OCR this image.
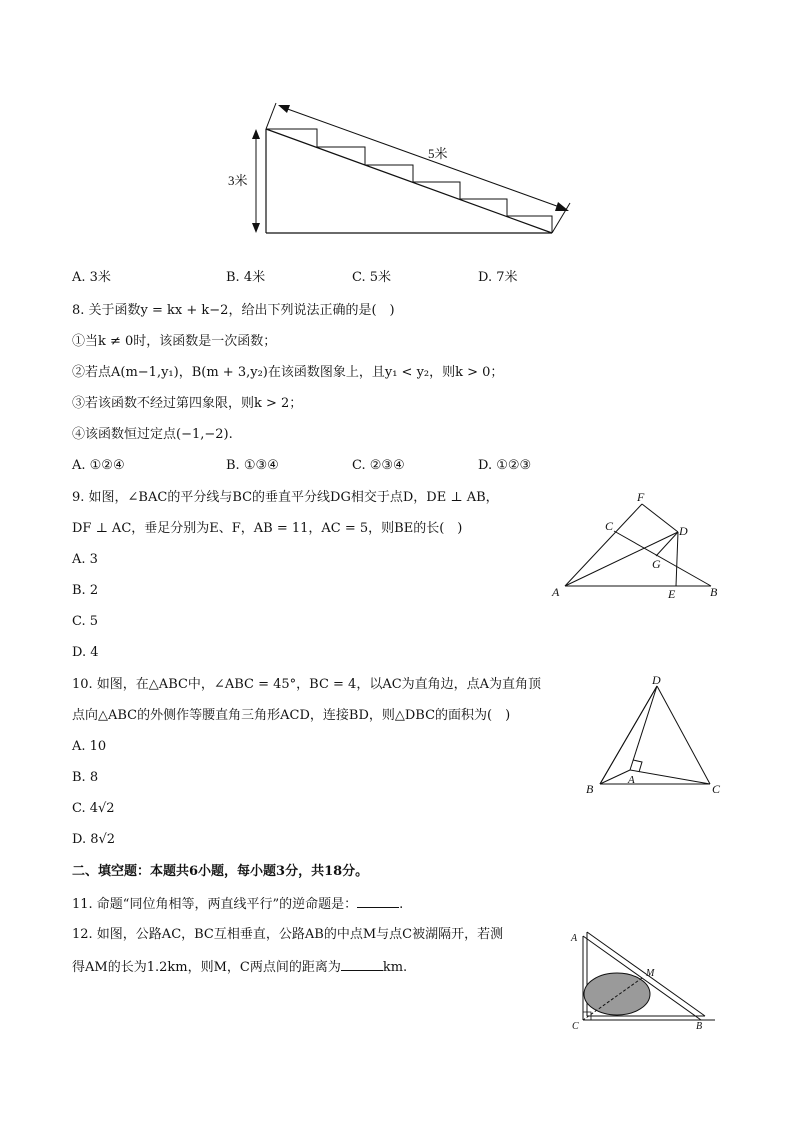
5米
3米
A. 3米	B. 4米	C. 5米	D. 7米
8. 关于函数y = kx + k−2，给出下列说法正确的是(　)
①当k ≠ 0时，该函数是一次函数；
②若点A(m−1,y₁)，B(m + 3,y₂)在该函数图象上，且y₁ < y₂，则k > 0；
③若该函数不经过第四象限，则k > 2；
④该函数恒过定点(−1,−2).
A. ①②④	B. ①③④	C. ②③④	D. ①②③
9. 如图，∠BAC的平分线与BC的垂直平分线DG相交于点D，DE ⊥ AB，
DF ⊥ AC，垂足分别为E、F，AB = 11，AC = 5，则BE的长(　)
A. 3
B. 2
C. 5
D. 4
A	B
C	D
E
F
G
10. 如图，在△ABC中，∠ABC = 45°，BC = 4，以AC为直角边，点A为直角顶
点向△ABC的外侧作等腰直角三角形ACD，连接BD，则△DBC的面积为(　)
A. 10
B. 8
C. 4√2
D. 8√2
D
B	C
A
二、填空题：本题共6小题，每小题3分，共18分。
11. 命题“同位角相等，两直线平行”的逆命题是：	.
12. 如图，公路AC，BC互相垂直，公路AB的中点M与点C被湖隔开，若测
得AM的长为1.2km，则M，C两点间的距离为	km.
A
C	B
M
